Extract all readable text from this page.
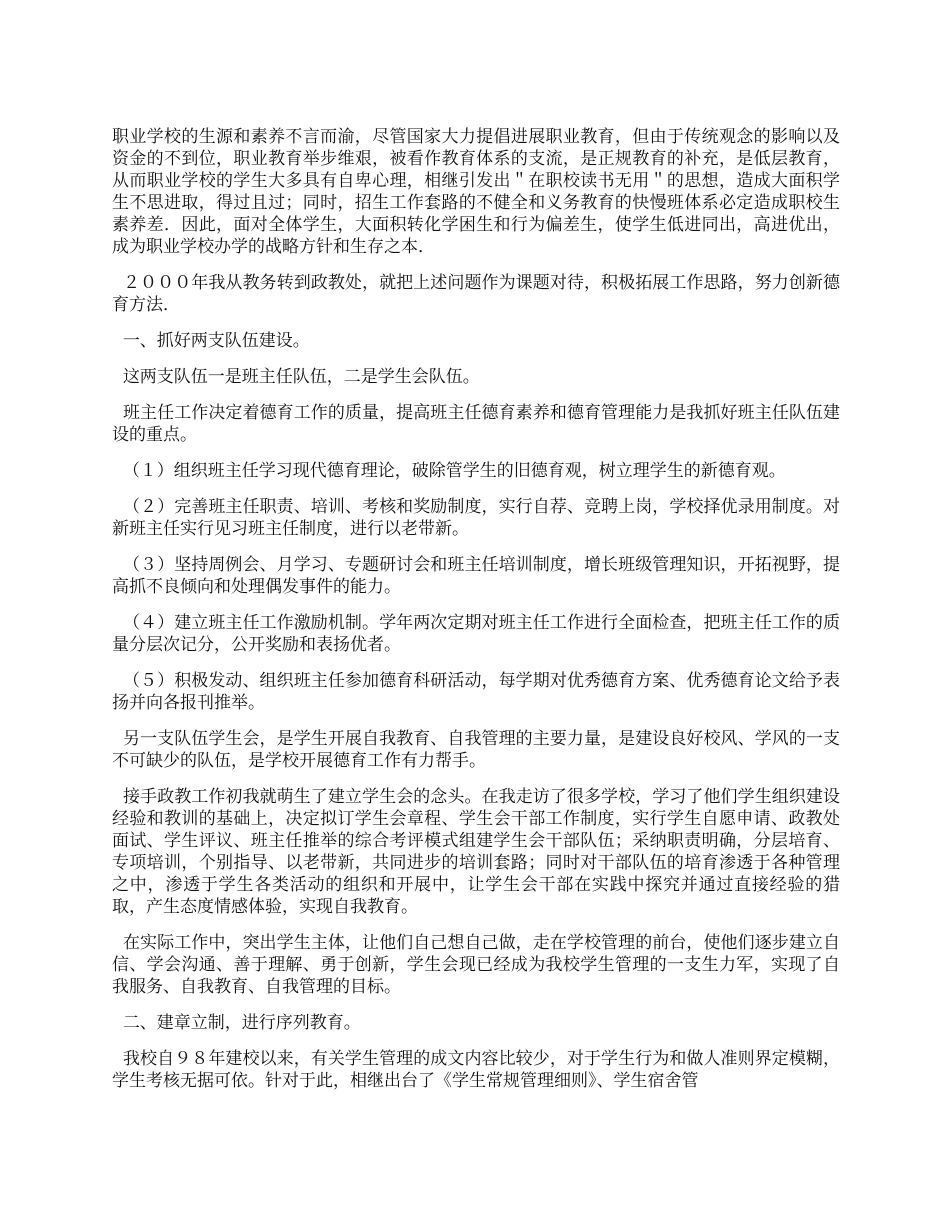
职业学校的生源和素养不言而渝，尽管国家大力提倡进展职业教育，但由于传统观念的影响以及资金的不到位，职业教育举步维艰，被看作教育体系的支流，是正规教育的补充，是低层教育，从而职业学校的学生大多具有自卑心理，相继引发出＂在职校读书无用＂的思想，造成大面积学生不思进取，得过且过；同时，招生工作套路的不健全和义务教育的快慢班体系必定造成职校生素养差．因此，面对全体学生，大面积转化学困生和行为偏差生，使学生低进同出，高进优出，成为职业学校办学的战略方针和生存之本．

２０００年我从教务转到政教处，就把上述问题作为课题对待，积极拓展工作思路，努力创新德育方法．

一、抓好两支队伍建设。

这两支队伍一是班主任队伍，二是学生会队伍。

班主任工作决定着德育工作的质量，提高班主任德育素养和德育管理能力是我抓好班主任队伍建设的重点。

（１）组织班主任学习现代德育理论，破除管学生的旧德育观，树立理学生的新德育观。

（２）完善班主任职责、培训、考核和奖励制度，实行自荐、竞聘上岗，学校择优录用制度。对新班主任实行见习班主任制度，进行以老带新。

（３）坚持周例会、月学习、专题研讨会和班主任培训制度，增长班级管理知识，开拓视野，提高抓不良倾向和处理偶发事件的能力。

（４）建立班主任工作激励机制。学年两次定期对班主任工作进行全面检查，把班主任工作的质量分层次记分，公开奖励和表扬优者。

（５）积极发动、组织班主任参加德育科研活动，每学期对优秀德育方案、优秀德育论文给予表扬并向各报刊推举。

另一支队伍学生会，是学生开展自我教育、自我管理的主要力量，是建设良好校风、学风的一支不可缺少的队伍，是学校开展德育工作有力帮手。

接手政教工作初我就萌生了建立学生会的念头。在我走访了很多学校，学习了他们学生组织建设经验和教训的基础上，决定拟订学生会章程、学生会干部工作制度，实行学生自愿申请、政教处面试、学生评议、班主任推举的综合考评模式组建学生会干部队伍；采纳职责明确，分层培育、专项培训，个别指导、以老带新，共同进步的培训套路；同时对干部队伍的培育渗透于各种管理之中，渗透于学生各类活动的组织和开展中，让学生会干部在实践中探究并通过直接经验的猎取，产生态度情感体验，实现自我教育。

在实际工作中，突出学生主体，让他们自己想自己做，走在学校管理的前台，使他们逐步建立自信、学会沟通、善于理解、勇于创新，学生会现已经成为我校学生管理的一支生力军，实现了自我服务、自我教育、自我管理的目标。

二、建章立制，进行序列教育。

我校自９８年建校以来，有关学生管理的成文内容比较少，对于学生行为和做人准则界定模糊，学生考核无据可依。针对于此，相继出台了《学生常规管理细则》、学生宿舍管
